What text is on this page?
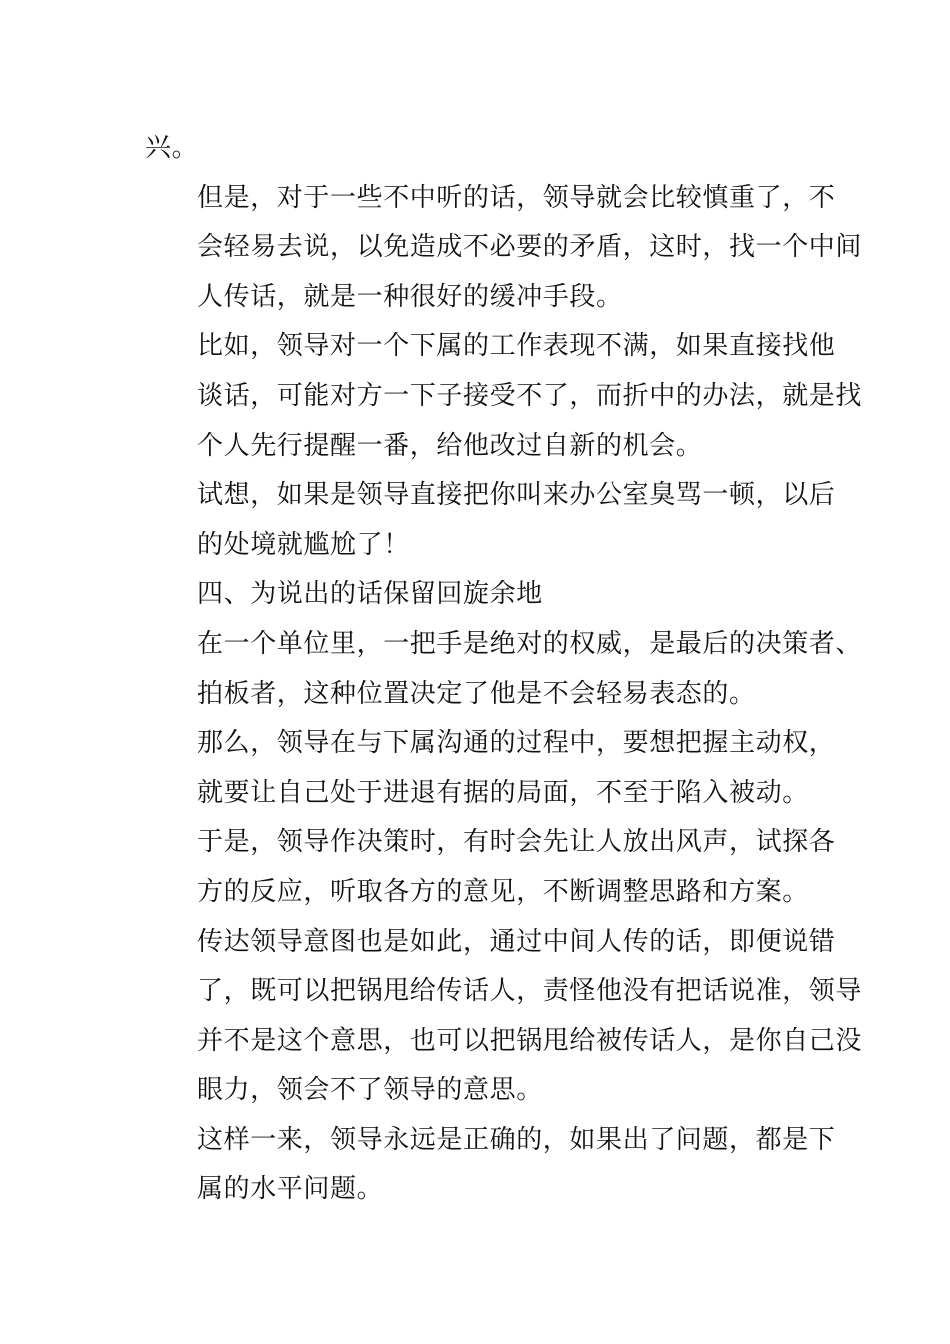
兴。

但是，对于一些不中听的话，领导就会比较慎重了，不
会轻易去说，以免造成不必要的矛盾，这时，找一个中间
人传话，就是一种很好的缓冲手段。

比如，领导对一个下属的工作表现不满，如果直接找他
谈话，可能对方一下子接受不了，而折中的办法，就是找
个人先行提醒一番，给他改过自新的机会。

试想，如果是领导直接把你叫来办公室臭骂一顿，以后
的处境就尴尬了！

四、为说出的话保留回旋余地

在一个单位里，一把手是绝对的权威，是最后的决策者、
拍板者，这种位置决定了他是不会轻易表态的。

那么，领导在与下属沟通的过程中，要想把握主动权，
就要让自己处于进退有据的局面，不至于陷入被动。

于是，领导作决策时，有时会先让人放出风声，试探各
方的反应，听取各方的意见，不断调整思路和方案。

传达领导意图也是如此，通过中间人传的话，即便说错
了，既可以把锅甩给传话人，责怪他没有把话说准，领导
并不是这个意思，也可以把锅甩给被传话人，是你自己没
眼力，领会不了领导的意思。

这样一来，领导永远是正确的，如果出了问题，都是下
属的水平问题。
